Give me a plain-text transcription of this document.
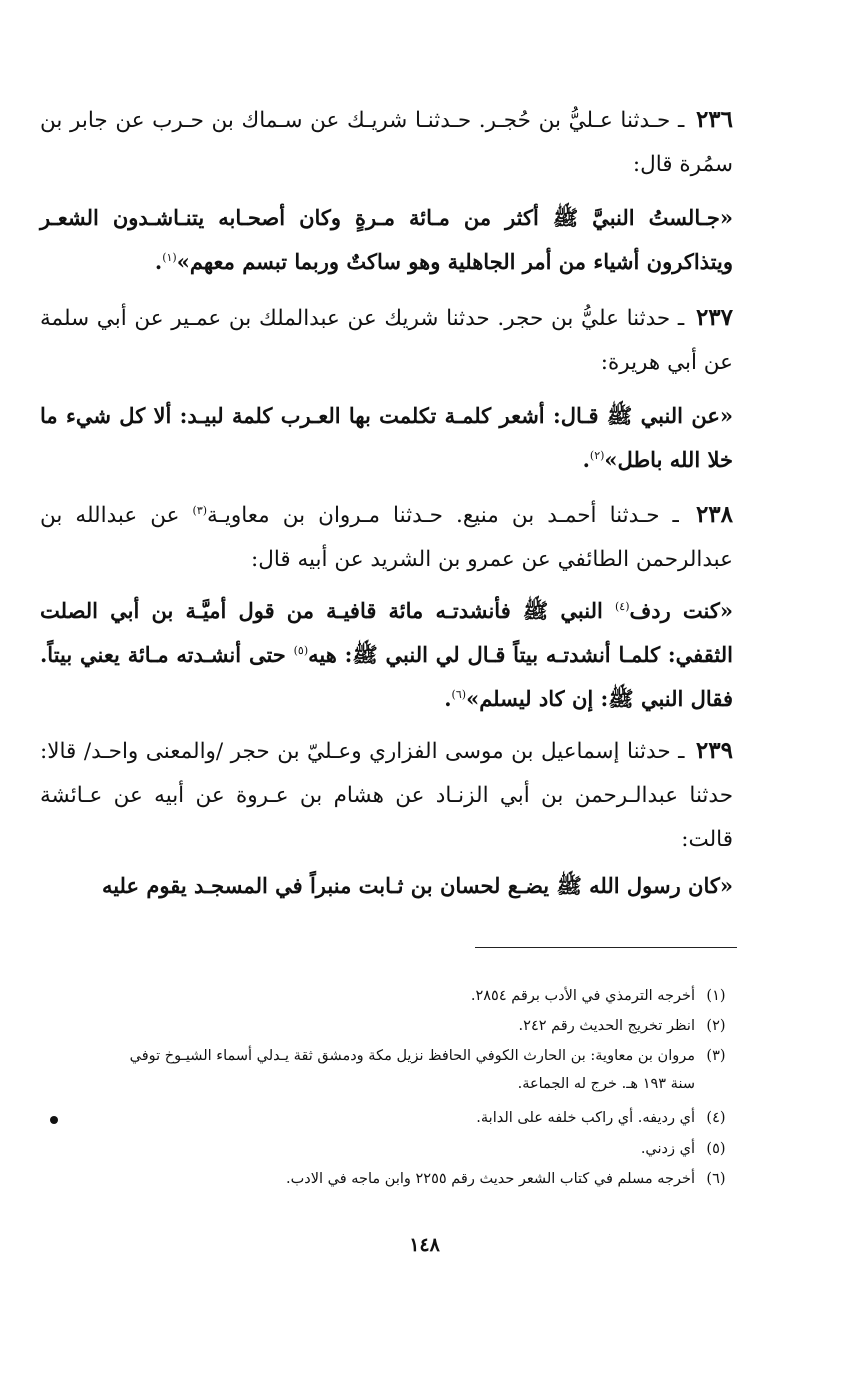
٢٣٦ ـ حـدثنا عـليُّ بن حُجـر. حـدثنـا شريـك عن سـماك بن حـرب عن جابر بن سمُرة قال:
«جـالستُ النبيَّ ﷺ أكثر من مـائة مـرةٍ وكان أصحـابه يتنـاشـدون الشعـر ويتذاكرون أشياء من أمر الجاهلية وهو ساكتٌ وربما تبسم معهم»$^{(١)}$.
٢٣٧ ـ حدثنا عليُّ بن حجر. حدثنا شريك عن عبدالملك بن عمـير عن أبي سلمة عن أبي هريرة:
«عن النبي ﷺ قـال: أشعر كلمـة تكلمت بها العـرب كلمة لبيـد: ألا كل شيء ما خلا الله باطل»$^{(٢)}$.
٢٣٨ ـ حـدثنا أحمـد بن منيع. حـدثنا مـروان بن معاويـة$^{(٣)}$ عن عبدالله بن عبدالرحمن الطائفي عن عمرو بن الشريد عن أبيه قال:
«كنت ردف$^{(٤)}$ النبي ﷺ فأنشدتـه مائة قافيـة من قول أميَّـة بن أبي الصلت الثقفي: كلمـا أنشدتـه بيتاً قـال لي النبي ﷺ: هيه$^{(٥)}$ حتى أنشـدته مـائة يعني بيتاً. فقال النبي ﷺ: إن كاد ليسلم»$^{(٦)}$.
٢٣٩ ـ حدثنا إسماعيل بن موسى الفزاري وعـليّ بن حجر /والمعنى واحـد/ قالا: حدثنا عبدالـرحمن بن أبي الزنـاد عن هشام بن عـروة عن أبيه عن عـائشة قالت:
«كان رسول الله ﷺ يضـع لحسان بن ثـابت منبراً في المسجـد يقوم عليه
(١)أخرجه الترمذي في الأدب برقم ٢٨٥٤.
(٢)انظر تخريج الحديث رقم ٢٤٢.
(٣)مروان بن معاوية: بن الحارث الكوفي الحافظ نزيل مكة ودمشق ثقة يـدلي أسماء الشيـوخ توفي
سنة ١٩٣ هـ. خرج له الجماعة.
(٤)أي رديفه. أي راكب خلفه على الدابة.
(٥)أي زدني.
(٦)أخرجه مسلم في كتاب الشعر حديث رقم ٢٢٥٥ وابن ماجه في الادب.
١٤٨
